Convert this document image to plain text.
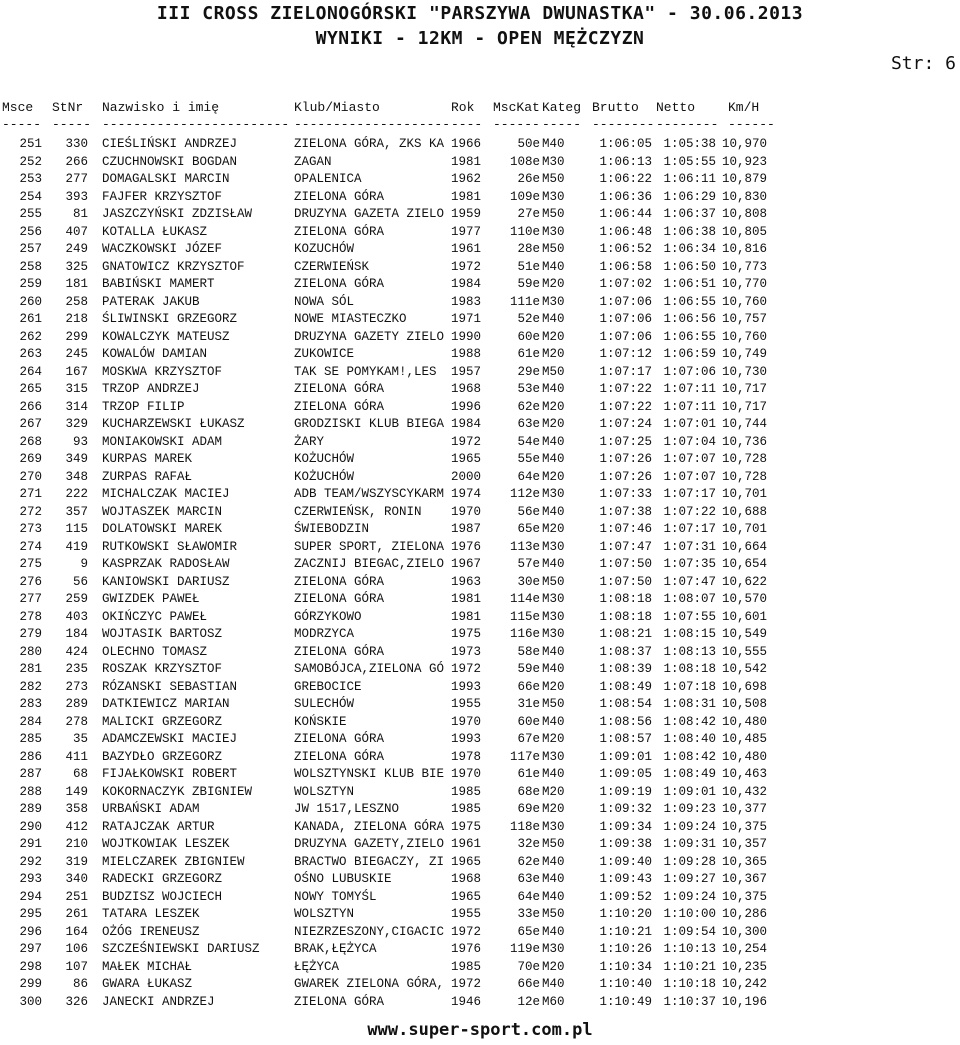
III CROSS ZIELONOGÓRSKI "PARSZYWA DWUNASTKA" - 30.06.2013
WYNIKI - 12KM - OPEN MĘŻCZYZN
Str: 6
Msce StNr Nazwisko i imię	Klub/Miasto	Rok MscKat Kateg Brutto Netto	Km/H
----- ----- ------------------------ -------------------- ---- ------ ----- -------- -------- ------
251	330 CIEŚLIŃSKI ANDRZEJ	ZIELONA GÓRA, ZKS KA 1966	50e M40	1:06:05 1:05:38 10,970
252	266 CZUCHNOWSKI BOGDAN	ZAGAN	1981	108e M30	1:06:13 1:05:55 10,923
253	277 DOMAGALSKI MARCIN	OPALENICA	1962	26e M50	1:06:22 1:06:11 10,879
254	393 FAJFER KRZYSZTOF	ZIELONA GÓRA	1981	109e M30	1:06:36 1:06:29 10,830
255	81 JASZCZYŃSKI ZDZISŁAW	DRUZYNA GAZETA ZIELO 1959	27e M50	1:06:44 1:06:37 10,808
256	407 KOTALLA ŁUKASZ	ZIELONA GÓRA	1977	110e M30	1:06:48 1:06:38 10,805
257	249 WACZKOWSKI JÓZEF	KOZUCHÓW	1961	28e M50	1:06:52 1:06:34 10,816
258	325 GNATOWICZ KRZYSZTOF	CZERWIEŃSK	1972	51e M40	1:06:58 1:06:50 10,773
259	181 BABIŃSKI MAMERT	ZIELONA GÓRA	1984	59e M20	1:07:02 1:06:51 10,770
260	258 PATERAK JAKUB	NOWA SÓL	1983	111e M30	1:07:06 1:06:55 10,760
261	218 ŚLIWINSKI GRZEGORZ	NOWE MIASTECZKO	1971	52e M40	1:07:06 1:06:56 10,757
262	299 KOWALCZYK MATEUSZ	DRUZYNA GAZETY ZIELO 1990	60e M20	1:07:06 1:06:55 10,760
263	245 KOWALÓW DAMIAN	ZUKOWICE	1988	61e M20	1:07:12 1:06:59 10,749
264	167 MOSKWA KRZYSZTOF	TAK SE POMYKAM!,LES 1957	29e M50	1:07:17 1:07:06 10,730
265	315 TRZOP ANDRZEJ	ZIELONA GÓRA	1968	53e M40	1:07:22 1:07:11 10,717
266	314 TRZOP FILIP	ZIELONA GÓRA	1996	62e M20	1:07:22 1:07:11 10,717
267	329 KUCHARZEWSKI ŁUKASZ	GRODZISKI KLUB BIEGA 1984	63e M20	1:07:24 1:07:01 10,744
268	93 MONIAKOWSKI ADAM	ŻARY	1972	54e M40	1:07:25 1:07:04 10,736
269	349 KURPAS MAREK	KOŻUCHÓW	1965	55e M40	1:07:26 1:07:07 10,728
270	348 ZURPAS RAFAŁ	KOŻUCHÓW	2000	64e M20	1:07:26 1:07:07 10,728
271	222 MICHALCZAK MACIEJ	ADB TEAM/WSZYSCYKARM 1974	112e M30	1:07:33 1:07:17 10,701
272	357 WOJTASZEK MARCIN	CZERWIEŃSK, RONIN 1970	56e M40	1:07:38 1:07:22 10,688
273	115 DOLATOWSKI MAREK	ŚWIEBODZIN	1987	65e M20	1:07:46 1:07:17 10,701
274	419 RUTKOWSKI SŁAWOMIR	SUPER SPORT, ZIELONA 1976	113e M30	1:07:47 1:07:31 10,664
275	9 KASPRZAK RADOSŁAW	ZACZNIJ BIEGAC,ZIELO 1967	57e M40	1:07:50 1:07:35 10,654
276	56 KANIOWSKI DARIUSZ	ZIELONA GÓRA	1963	30e M50	1:07:50 1:07:47 10,622
277	259 GWIZDEK PAWEŁ	ZIELONA GÓRA	1981	114e M30	1:08:18 1:08:07 10,570
278	403 OKIŃCZYC PAWEŁ	GÓRZYKOWO	1981	115e M30	1:08:18 1:07:55 10,601
279	184 WOJTASIK BARTOSZ	MODRZYCA	1975	116e M30	1:08:21 1:08:15 10,549
280	424 OLECHNO TOMASZ	ZIELONA GÓRA	1973	58e M40	1:08:37 1:08:13 10,555
281	235 ROSZAK KRZYSZTOF	SAMOBÓJCA,ZIELONA GÓ 1972	59e M40	1:08:39 1:08:18 10,542
282	273 RÓZANSKI SEBASTIAN	GREBOCICE	1993	66e M20	1:08:49 1:07:18 10,698
283	289 DATKIEWICZ MARIAN	SULECHÓW	1955	31e M50	1:08:54 1:08:31 10,508
284	278 MALICKI GRZEGORZ	KOŃSKIE	1970	60e M40	1:08:56 1:08:42 10,480
285	35 ADAMCZEWSKI MACIEJ	ZIELONA GÓRA	1993	67e M20	1:08:57 1:08:40 10,485
286	411 BAZYDŁO GRZEGORZ	ZIELONA GÓRA	1978	117e M30	1:09:01 1:08:42 10,480
287	68 FIJAŁKOWSKI ROBERT	WOLSZTYNSKI KLUB BIE 1970	61e M40	1:09:05 1:08:49 10,463
288	149 KOKORNACZYK ZBIGNIEW	WOLSZTYN	1985	68e M20	1:09:19 1:09:01 10,432
289	358 URBAŃSKI ADAM	JW 1517,LESZNO	1985	69e M20	1:09:32 1:09:23 10,377
290	412 RATAJCZAK ARTUR	KANADA, ZIELONA GÓRA 1975	118e M30	1:09:34 1:09:24 10,375
291	210 WOJTKOWIAK LESZEK	DRUZYNA GAZETY,ZIELO 1961	32e M50	1:09:38 1:09:31 10,357
292	319 MIELCZAREK ZBIGNIEW	BRACTWO BIEGACZY, ZI 1965	62e M40	1:09:40 1:09:28 10,365
293	340 RADECKI GRZEGORZ	OŚNO LUBUSKIE	1968	63e M40	1:09:43 1:09:27 10,367
294	251 BUDZISZ WOJCIECH	NOWY TOMYŚL	1965	64e M40	1:09:52 1:09:24 10,375
295	261 TATARA LESZEK	WOLSZTYN	1955	33e M50	1:10:20 1:10:00 10,286
296	164 OŻÓG IRENEUSZ	NIEZRZESZONY,CIGACIC 1972	65e M40	1:10:21 1:09:54 10,300
297	106 SZCZEŚNIEWSKI DARIUSZ	BRAK,ŁĘŻYCA	1976	119e M30	1:10:26 1:10:13 10,254
298	107 MAŁEK MICHAŁ	ŁĘŻYCA	1985	70e M20	1:10:34 1:10:21 10,235
299	86 GWARA ŁUKASZ	GWAREK ZIELONA GÓRA, 1972	66e M40	1:10:40 1:10:18 10,242
300	326 JANECKI ANDRZEJ	ZIELONA GÓRA	1946	12e M60	1:10:49 1:10:37 10,196
www.super-sport.com.pl
